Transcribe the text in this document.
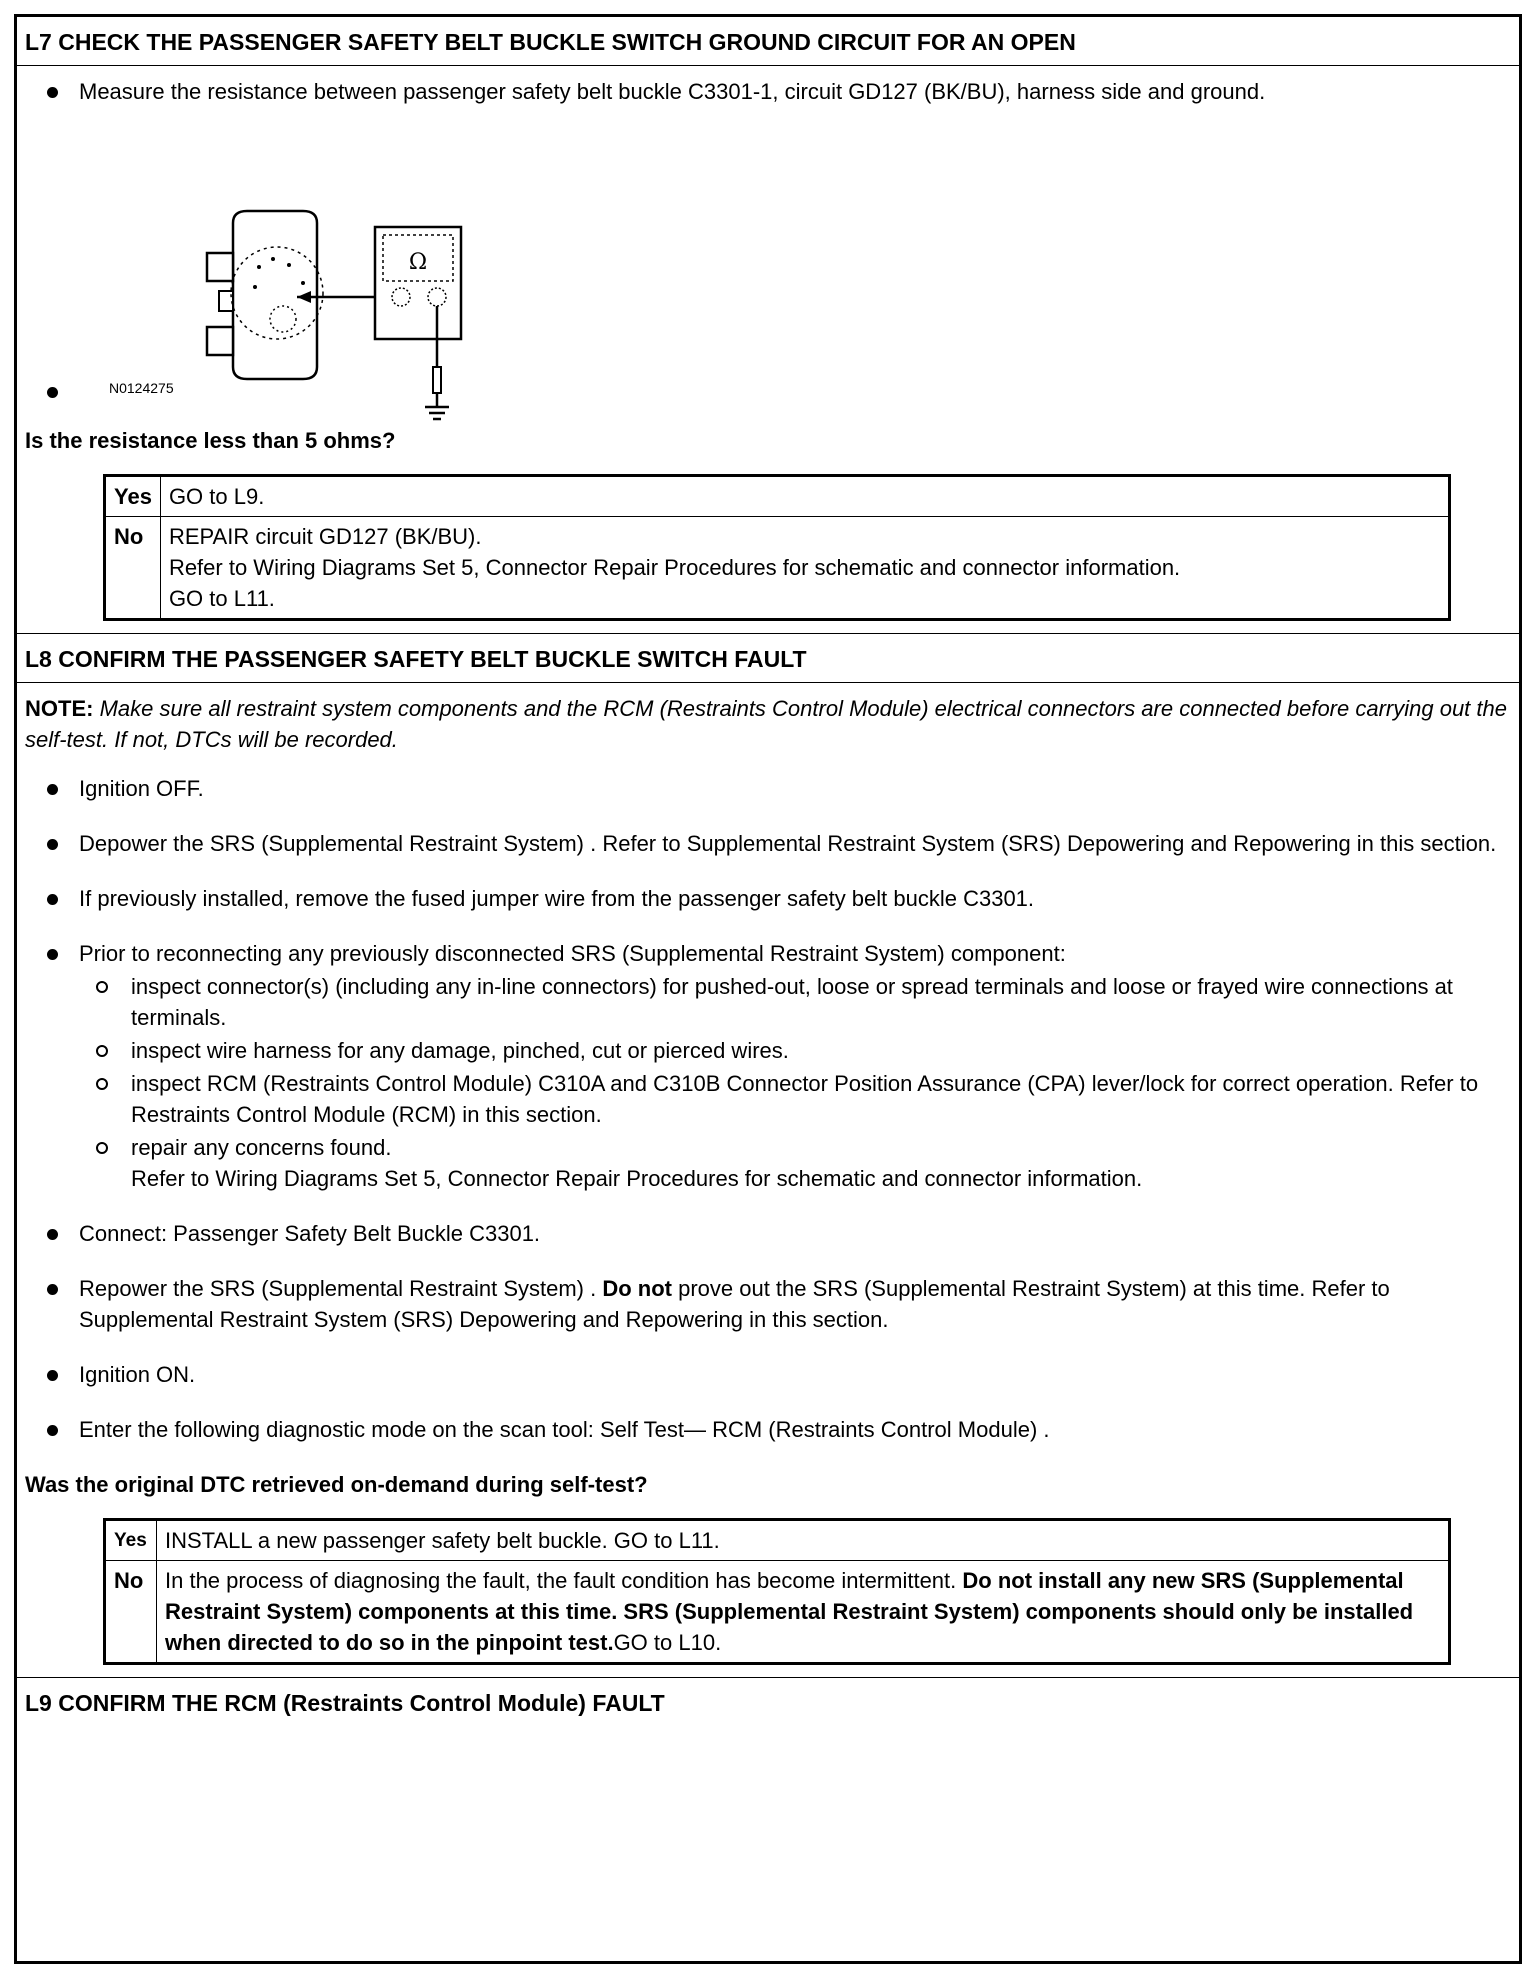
L7 CHECK THE PASSENGER SAFETY BELT BUCKLE SWITCH GROUND CIRCUIT FOR AN OPEN
Measure the resistance between passenger safety belt buckle C3301-1, circuit GD127 (BK/BU), harness side and ground.
Ω
N0124275
Is the resistance less than 5 ohms?
Yes	GO to L9.
No	REPAIR circuit GD127 (BK/BU).
Refer to Wiring Diagrams Set 5, Connector Repair Procedures for schematic and connector information.
GO to L11.
L8 CONFIRM THE PASSENGER SAFETY BELT BUCKLE SWITCH FAULT
NOTE: Make sure all restraint system components and the RCM (Restraints Control Module) electrical connectors are connected before carrying out the self-test. If not, DTCs will be recorded.
Ignition OFF.
Depower the SRS (Supplemental Restraint System) . Refer to Supplemental Restraint System (SRS) Depowering and Repowering in this section.
If previously installed, remove the fused jumper wire from the passenger safety belt buckle C3301.
Prior to reconnecting any previously disconnected SRS (Supplemental Restraint System) component:
inspect connector(s) (including any in-line connectors) for pushed-out, loose or spread terminals and loose or frayed wire connections at terminals.
inspect wire harness for any damage, pinched, cut or pierced wires.
inspect RCM (Restraints Control Module) C310A and C310B Connector Position Assurance (CPA) lever/lock for correct operation. Refer to Restraints Control Module (RCM) in this section.
repair any concerns found.
Refer to Wiring Diagrams Set 5, Connector Repair Procedures for schematic and connector information.
Connect: Passenger Safety Belt Buckle C3301.
Repower the SRS (Supplemental Restraint System) . Do not prove out the SRS (Supplemental Restraint System) at this time. Refer to Supplemental Restraint System (SRS) Depowering and Repowering in this section.
Ignition ON.
Enter the following diagnostic mode on the scan tool: Self Test— RCM (Restraints Control Module) .
Was the original DTC retrieved on-demand during self-test?
Yes	INSTALL a new passenger safety belt buckle. GO to L11.
No	In the process of diagnosing the fault, the fault condition has become intermittent. Do not install any new SRS (Supplemental Restraint System) components at this time. SRS (Supplemental Restraint System) components should only be installed when directed to do so in the pinpoint test.GO to L10.
L9 CONFIRM THE RCM (Restraints Control Module) FAULT
